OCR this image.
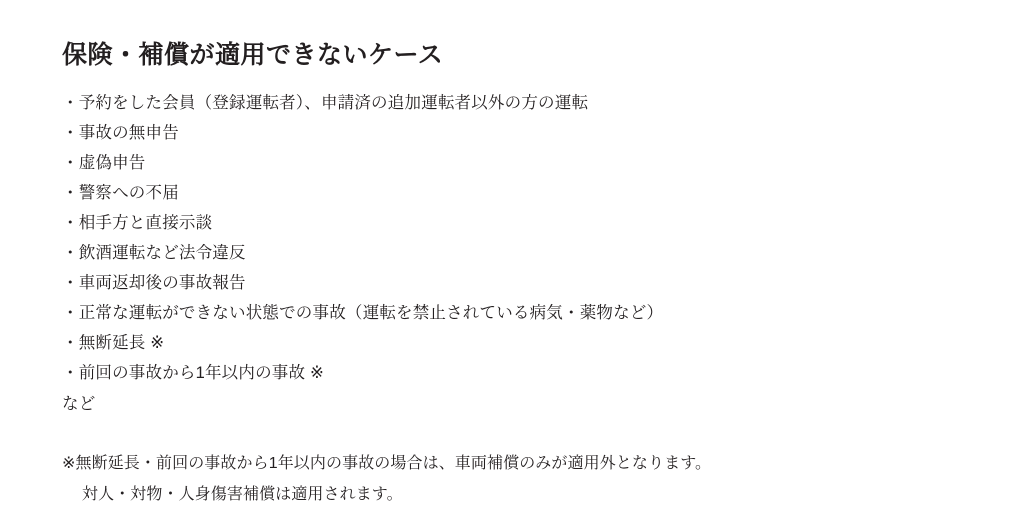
保険・補償が適用できないケース
・予約をした会員（登録運転者）、申請済の追加運転者以外の方の運転
・事故の無申告
・虚偽申告
・警察への不届
・相手方と直接示談
・飲酒運転など法令違反
・車両返却後の事故報告
・正常な運転ができない状態での事故（運転を禁止されている病気・薬物など）
・無断延長 ※
・前回の事故から1年以内の事故 ※
など
※無断延長・前回の事故から1年以内の事故の場合は、車両補償のみが適用外となります。
対人・対物・人身傷害補償は適用されます。
